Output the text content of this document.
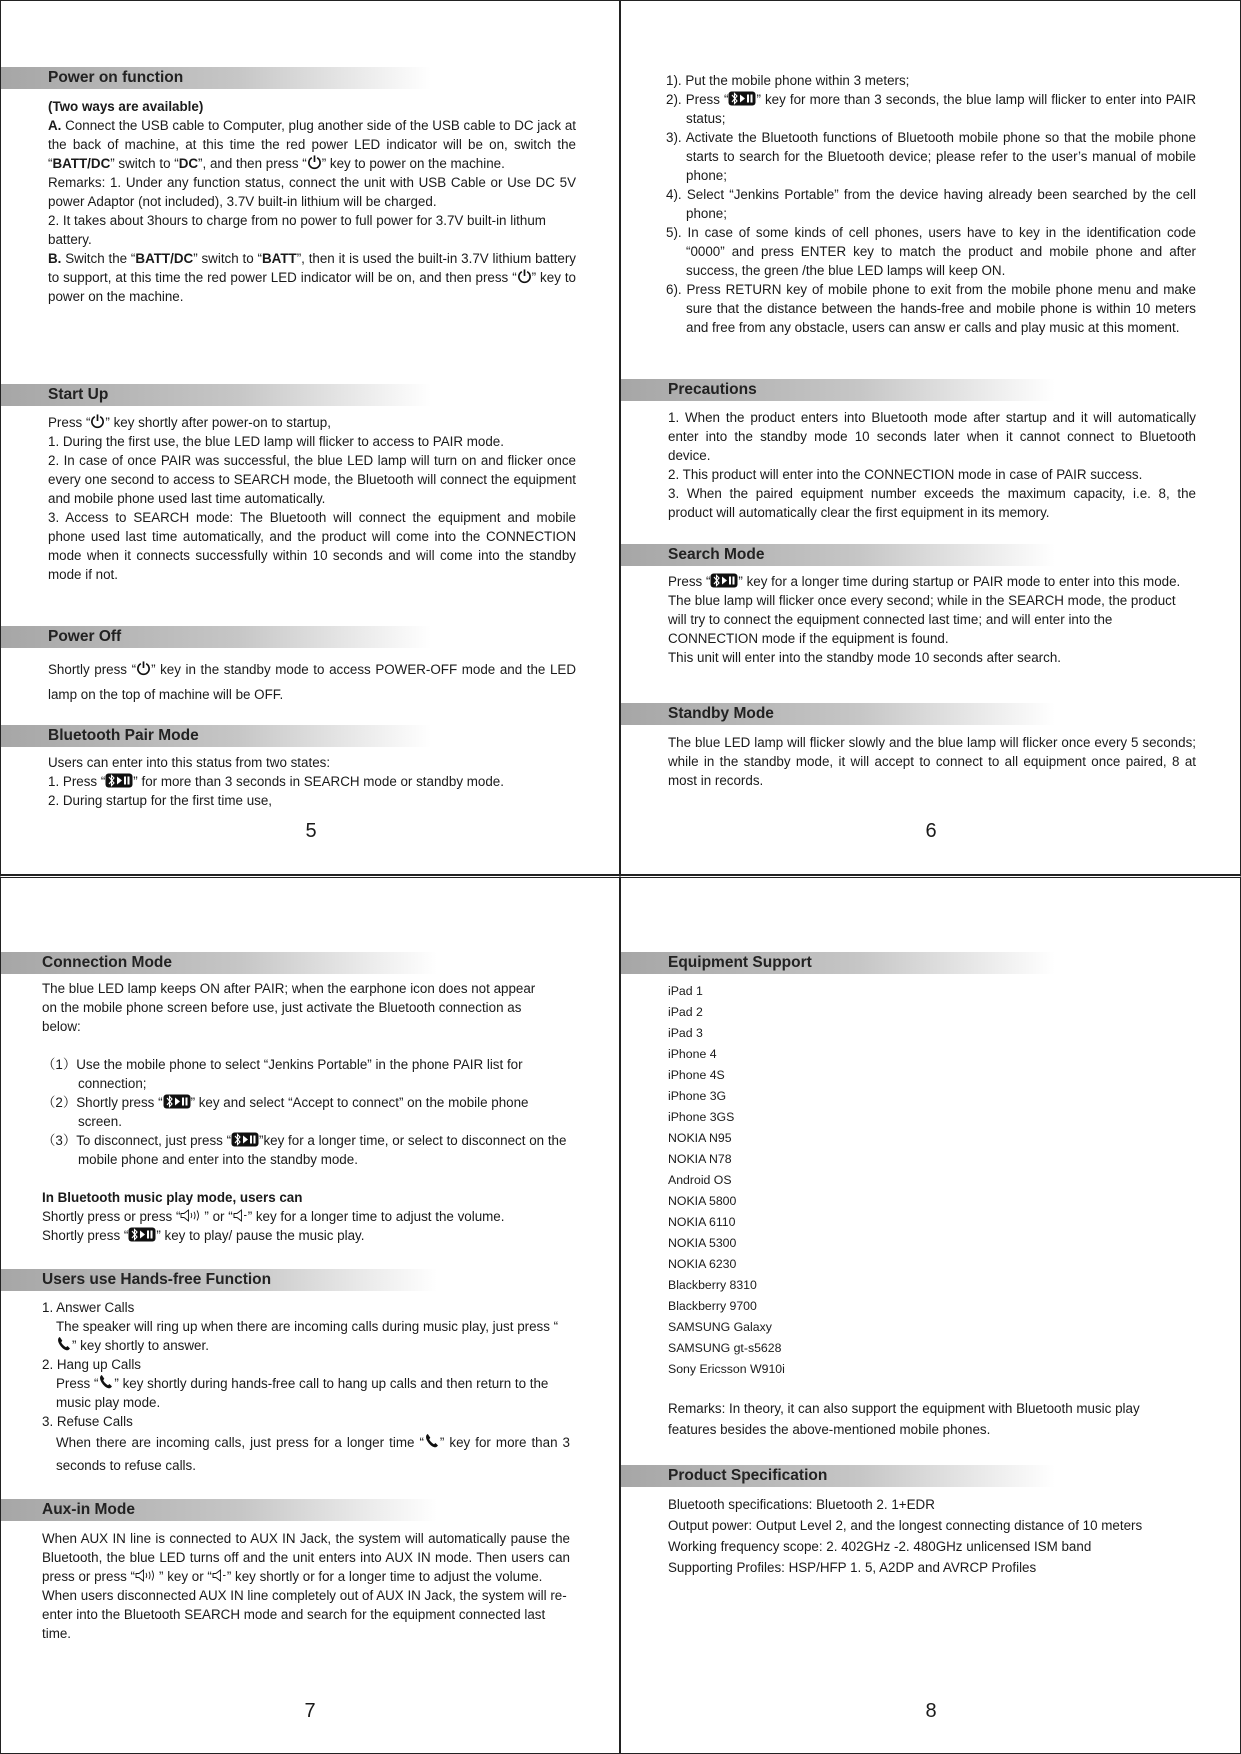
Power on function
(Two ways are available)
A. Connect the USB cable to Computer, plug another side of the USB cable to DC jack at the back of machine, at this time the red power LED indicator will be on, switch the “BATT/DC” switch to “DC”, and then press “ ” key to power on the machine.
Remarks: 1. Under any function status, connect the unit with USB Cable or Use DC 5V power Adaptor (not included), 3.7V built-in lithium will be charged.
2. It takes about 3hours to charge from no power to full power for 3.7V built-in lithum battery.
B. Switch the “BATT/DC” switch to “BATT”, then it is used the built-in 3.7V lithium battery to support, at this time the red power LED indicator will be on, and then press “ ” key to power on the machine.
Start Up
Press “ ” key shortly after power-on to startup,
1. During the first use, the blue LED lamp will flicker to access to PAIR mode.
2. In case of once PAIR was successful, the blue LED lamp will turn on and flicker once every one second to access to SEARCH mode, the Bluetooth will connect the equipment and mobile phone used last time automatically.
3. Access to SEARCH mode: The Bluetooth will connect the equipment and mobile phone used last time automatically, and the product will come into the CONNECTION mode when it connects successfully within 10 seconds and will come into the standby mode if not.
Power Off
Shortly press “ ” key in the standby mode to access POWER-OFF mode and the LED lamp on the top of machine will be OFF.
Bluetooth Pair Mode
Users can enter into this status from two states:
1. Press “ ” for more than 3 seconds in SEARCH mode or standby mode.
2. During startup for the first time use,
5
1). Put the mobile phone within 3 meters;
2). Press “ ” key for more than 3 seconds, the blue lamp will flicker to enter into PAIR status;
3). Activate the Bluetooth functions of Bluetooth mobile phone so that the mobile phone starts to search for the Bluetooth device; please refer to the user’s manual of mobile phone;
4). Select “Jenkins Portable” from the device having already been searched by the cell phone;
5). In case of some kinds of cell phones, users have to key in the identification code “0000” and press ENTER key to match the product and mobile phone and after success, the green /the blue LED lamps will keep ON.
6). Press RETURN key of mobile phone to exit from the mobile phone menu and make sure that the distance between the hands-free and mobile phone is within 10 meters and free from any obstacle, users can answ er calls and play music at this moment.
Precautions
1. When the product enters into Bluetooth mode after startup and it will automatically enter into the standby mode 10 seconds later when it cannot connect to Bluetooth device.
2. This product will enter into the CONNECTION mode in case of PAIR success.
3. When the paired equipment number exceeds the maximum capacity, i.e. 8, the product will automatically clear the first equipment in its memory.
Search Mode
Press “ ” key for a longer time during startup or PAIR mode to enter into this mode. The blue lamp will flicker once every second; while in the SEARCH mode, the product will try to connect the equipment connected last time; and will enter into the CONNECTION mode if the equipment is found.
This unit will enter into the standby mode 10 seconds after search.
Standby Mode
The blue LED lamp will flicker slowly and the blue lamp will flicker once every 5 seconds; while in the standby mode, it will accept to connect to all equipment once paired, 8 at most in records.
6
Connection Mode
The blue LED lamp keeps ON after PAIR; when the earphone icon does not appear on the mobile phone screen before use, just activate the Bluetooth connection as below:
（1）Use the mobile phone to select “Jenkins Portable” in the phone PAIR list for connection;
（2）Shortly press “ ” key and select “Accept to connect” on the mobile phone screen.
（3）To disconnect, just press “ ”key for a longer time, or select to disconnect on the mobile phone and enter into the standby mode.
In Bluetooth music play mode, users can
Shortly press or press “ ” or “ ” key for a longer time to adjust the volume.
Shortly press “ ” key to play/ pause the music play.
Users use Hands-free Function
1. Answer Calls
The speaker will ring up when there are incoming calls during music play, just press “” key shortly to answer.
2. Hang up Calls
Press “ ” key shortly during hands-free call to hang up calls and then return to the music play mode.
3. Refuse Calls
When there are incoming calls, just press for a longer time “ ” key for more than 3 seconds to refuse calls.
Aux-in Mode
When AUX IN line is connected to AUX IN Jack, the system will automatically pause the Bluetooth, the blue LED turns off and the unit enters into AUX IN mode. Then users can press or press “ ” key or “ ” key shortly or for a longer time to adjust the volume.
When users disconnected AUX IN line completely out of AUX IN Jack, the system will re-enter into the Bluetooth SEARCH mode and search for the equipment connected last time.
7
Equipment Support
iPad 1
iPad 2
iPad 3
iPhone 4
iPhone 4S
iPhone 3G
iPhone 3GS
NOKIA N95
NOKIA N78
Android OS
NOKIA 5800
NOKIA 6110
NOKIA 5300
NOKIA 6230
Blackberry 8310
Blackberry 9700
SAMSUNG Galaxy
SAMSUNG gt-s5628
Sony Ericsson W910i
Remarks: In theory, it can also support the equipment with Bluetooth music play features besides the above-mentioned mobile phones.
Product Specification
Bluetooth specifications: Bluetooth 2. 1+EDR
Output power: Output Level 2, and the longest connecting distance of 10 meters
Working frequency scope: 2. 402GHz -2. 480GHz unlicensed ISM band
Supporting Profiles: HSP/HFP 1. 5, A2DP and AVRCP Profiles
8
